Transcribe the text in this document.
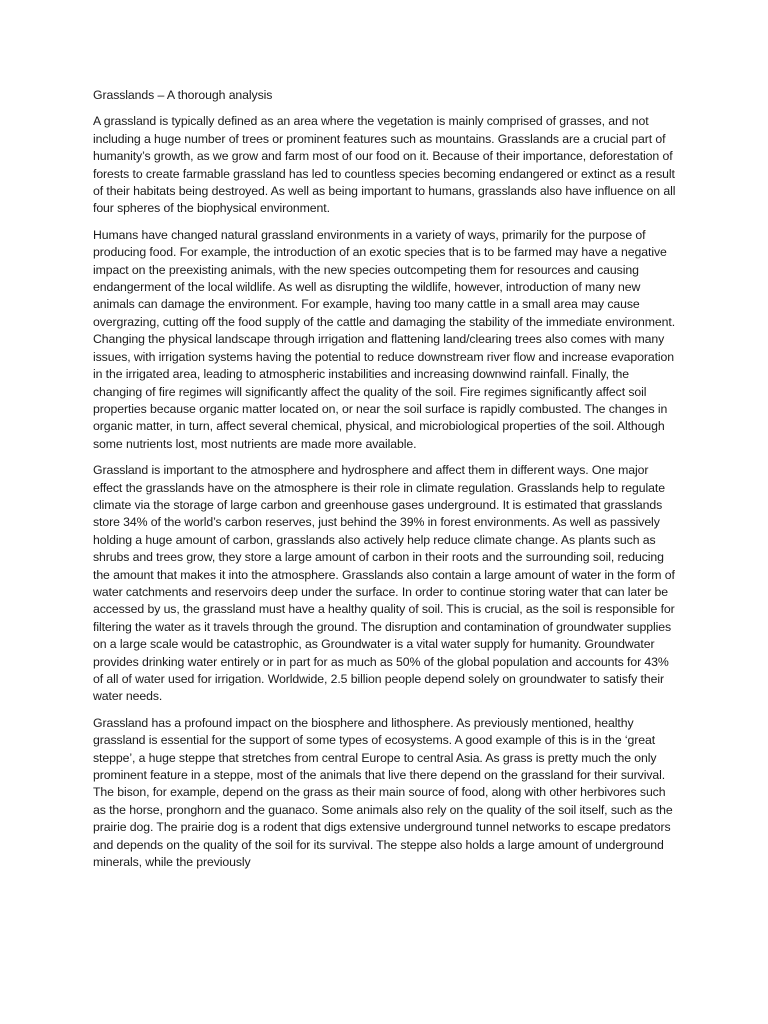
Grasslands – A thorough analysis

A grassland is typically defined as an area where the vegetation is mainly comprised of grasses, and not including a huge number of trees or prominent features such as mountains. Grasslands are a crucial part of humanity’s growth, as we grow and farm most of our food on it. Because of their importance, deforestation of forests to create farmable grassland has led to countless species becoming endangered or extinct as a result of their habitats being destroyed. As well as being important to humans, grasslands also have influence on all four spheres of the biophysical environment.

Humans have changed natural grassland environments in a variety of ways, primarily for the purpose of producing food. For example, the introduction of an exotic species that is to be farmed may have a negative impact on the preexisting animals, with the new species outcompeting them for resources and causing endangerment of the local wildlife. As well as disrupting the wildlife, however, introduction of many new animals can damage the environment. For example, having too many cattle in a small area may cause overgrazing, cutting off the food supply of the cattle and damaging the stability of the immediate environment. Changing the physical landscape through irrigation and flattening land/clearing trees also comes with many issues, with irrigation systems having the potential to reduce downstream river flow and increase evaporation in the irrigated area, leading to atmospheric instabilities and increasing downwind rainfall. Finally, the changing of fire regimes will significantly affect the quality of the soil. Fire regimes significantly affect soil properties because organic matter located on, or near the soil surface is rapidly combusted. The changes in organic matter, in turn, affect several chemical, physical, and microbiological properties of the soil. Although some nutrients lost, most nutrients are made more available.

Grassland is important to the atmosphere and hydrosphere and affect them in different ways. One major effect the grasslands have on the atmosphere is their role in climate regulation. Grasslands help to regulate climate via the storage of large carbon and greenhouse gases underground. It is estimated that grasslands store 34% of the world’s carbon reserves, just behind the 39% in forest environments. As well as passively holding a huge amount of carbon, grasslands also actively help reduce climate change. As plants such as shrubs and trees grow, they store a large amount of carbon in their roots and the surrounding soil, reducing the amount that makes it into the atmosphere. Grasslands also contain a large amount of water in the form of water catchments and reservoirs deep under the surface. In order to continue storing water that can later be accessed by us, the grassland must have a healthy quality of soil. This is crucial, as the soil is responsible for filtering the water as it travels through the ground. The disruption and contamination of groundwater supplies on a large scale would be catastrophic, as Groundwater is a vital water supply for humanity. Groundwater provides drinking water entirely or in part for as much as 50% of the global population and accounts for 43% of all of water used for irrigation. Worldwide, 2.5 billion people depend solely on groundwater to satisfy their water needs.

Grassland has a profound impact on the biosphere and lithosphere. As previously mentioned, healthy grassland is essential for the support of some types of ecosystems. A good example of this is in the ‘great steppe’, a huge steppe that stretches from central Europe to central Asia. As grass is pretty much the only prominent feature in a steppe, most of the animals that live there depend on the grassland for their survival. The bison, for example, depend on the grass as their main source of food, along with other herbivores such as the horse, pronghorn and the guanaco. Some animals also rely on the quality of the soil itself, such as the prairie dog. The prairie dog is a rodent that digs extensive underground tunnel networks to escape predators and depends on the quality of the soil for its survival. The steppe also holds a large amount of underground minerals, while the previously
